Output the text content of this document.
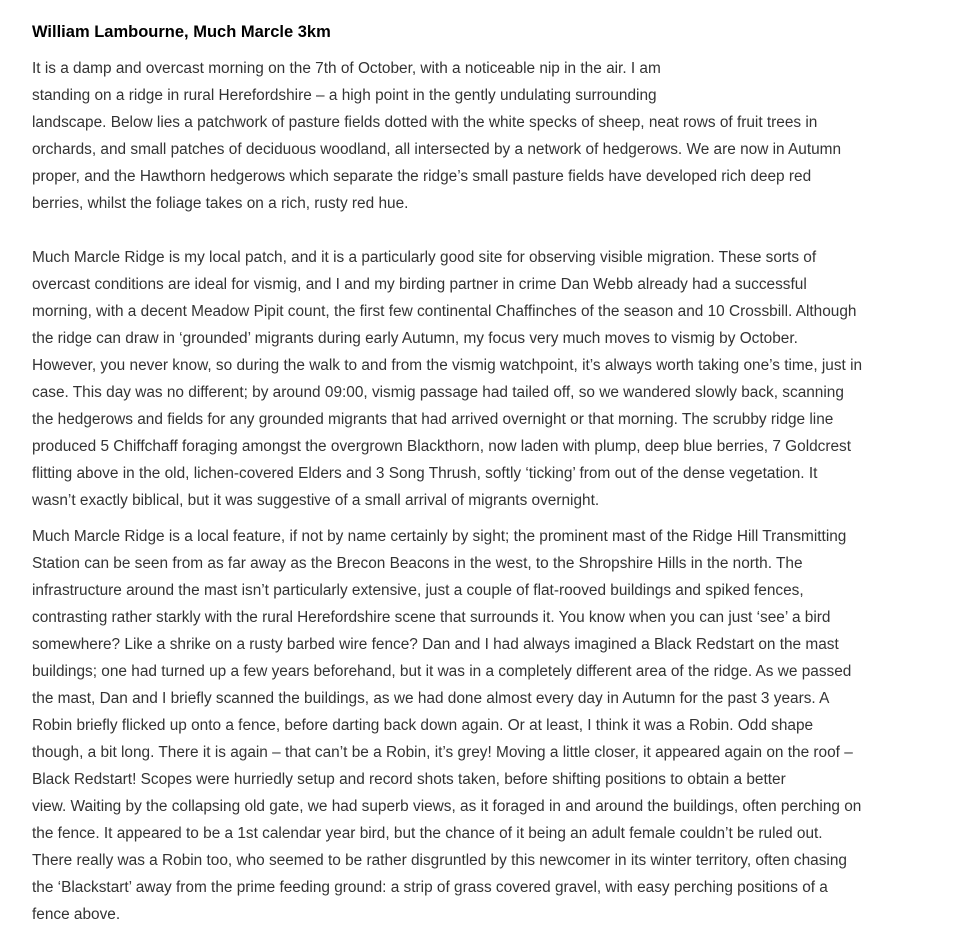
William Lambourne, Much Marcle 3km

It is a damp and overcast morning on the 7th of October, with a noticeable nip in the air. I am
standing on a ridge in rural Herefordshire – a high point in the gently undulating surrounding
landscape. Below lies a patchwork of pasture fields dotted with the white specks of sheep, neat rows of fruit trees in
orchards, and small patches of deciduous woodland, all intersected by a network of hedgerows. We are now in Autumn
proper, and the Hawthorn hedgerows which separate the ridge’s small pasture fields have developed rich deep red
berries, whilst the foliage takes on a rich, rusty red hue.

Much Marcle Ridge is my local patch, and it is a particularly good site for observing visible migration. These sorts of
overcast conditions are ideal for vismig, and I and my birding partner in crime Dan Webb already had a successful
morning, with a decent Meadow Pipit count, the first few continental Chaffinches of the season and 10 Crossbill. Although
the ridge can draw in ‘grounded’ migrants during early Autumn, my focus very much moves to vismig by October.
However, you never know, so during the walk to and from the vismig watchpoint, it’s always worth taking one’s time, just in
case. This day was no different; by around 09:00, vismig passage had tailed off, so we wandered slowly back, scanning
the hedgerows and fields for any grounded migrants that had arrived overnight or that morning. The scrubby ridge line
produced 5 Chiffchaff foraging amongst the overgrown Blackthorn, now laden with plump, deep blue berries, 7 Goldcrest
flitting above in the old, lichen-covered Elders and 3 Song Thrush, softly ‘ticking’ from out of the dense vegetation. It
wasn’t exactly biblical, but it was suggestive of a small arrival of migrants overnight.

Much Marcle Ridge is a local feature, if not by name certainly by sight; the prominent mast of the Ridge Hill Transmitting
Station can be seen from as far away as the Brecon Beacons in the west, to the Shropshire Hills in the north. The
infrastructure around the mast isn’t particularly extensive, just a couple of flat-rooved buildings and spiked fences,
contrasting rather starkly with the rural Herefordshire scene that surrounds it. You know when you can just ‘see’ a bird
somewhere? Like a shrike on a rusty barbed wire fence? Dan and I had always imagined a Black Redstart on the mast
buildings; one had turned up a few years beforehand, but it was in a completely different area of the ridge. As we passed
the mast, Dan and I briefly scanned the buildings, as we had done almost every day in Autumn for the past 3 years. A
Robin briefly flicked up onto a fence, before darting back down again. Or at least, I think it was a Robin. Odd shape
though, a bit long. There it is again – that can’t be a Robin, it’s grey! Moving a little closer, it appeared again on the roof –
Black Redstart! Scopes were hurriedly setup and record shots taken, before shifting positions to obtain a better
view. Waiting by the collapsing old gate, we had superb views, as it foraged in and around the buildings, often perching on
the fence. It appeared to be a 1st calendar year bird, but the chance of it being an adult female couldn’t be ruled out.
There really was a Robin too, who seemed to be rather disgruntled by this newcomer in its winter territory, often chasing
the ‘Blackstart’ away from the prime feeding ground: a strip of grass covered gravel, with easy perching positions of a
fence above.
